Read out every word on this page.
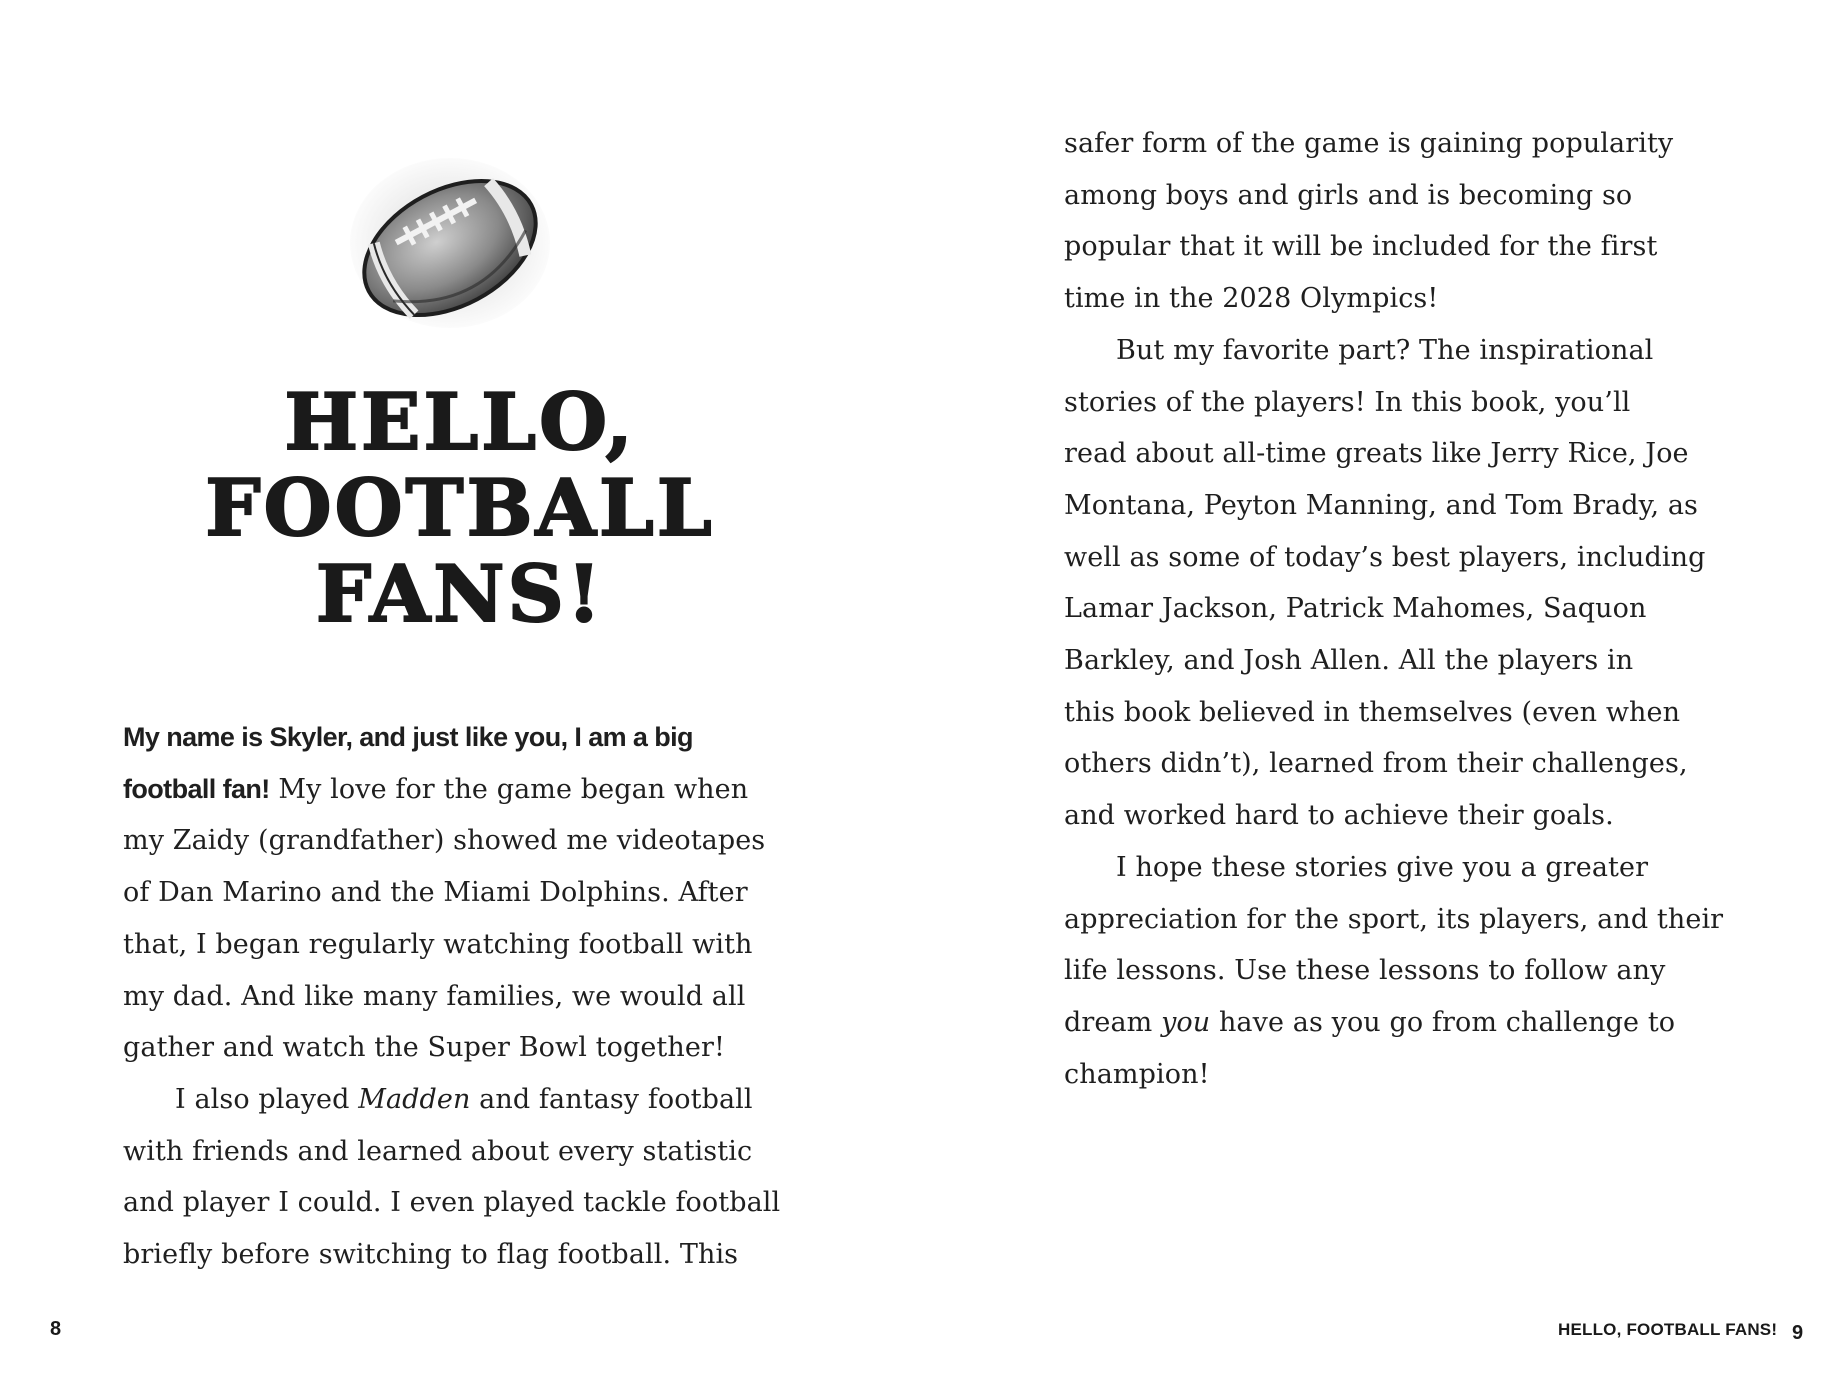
HELLO,
FOOTBALL
FANS!

My name is Skyler, and just like you, I am a big
football fan! My love for the game began when
my Zaidy (grandfather) showed me videotapes
of Dan Marino and the Miami Dolphins. After
that, I began regularly watching football with
my dad. And like many families, we would all
gather and watch the Super Bowl together!

I also played Madden and fantasy football
with friends and learned about every statistic
and player I could. I even played tackle football
briefly before switching to flag football. This

8

safer form of the game is gaining popularity
among boys and girls and is becoming so
popular that it will be included for the first
time in the 2028 Olympics!

But my favorite part? The inspirational
stories of the players! In this book, you’ll
read about all-time greats like Jerry Rice, Joe
Montana, Peyton Manning, and Tom Brady, as
well as some of today’s best players, including
Lamar Jackson, Patrick Mahomes, Saquon
Barkley, and Josh Allen. All the players in
this book believed in themselves (even when
others didn’t), learned from their challenges,
and worked hard to achieve their goals.

I hope these stories give you a greater
appreciation for the sport, its players, and their
life lessons. Use these lessons to follow any
dream you have as you go from challenge to
champion!

HELLO, FOOTBALL FANS! 9
